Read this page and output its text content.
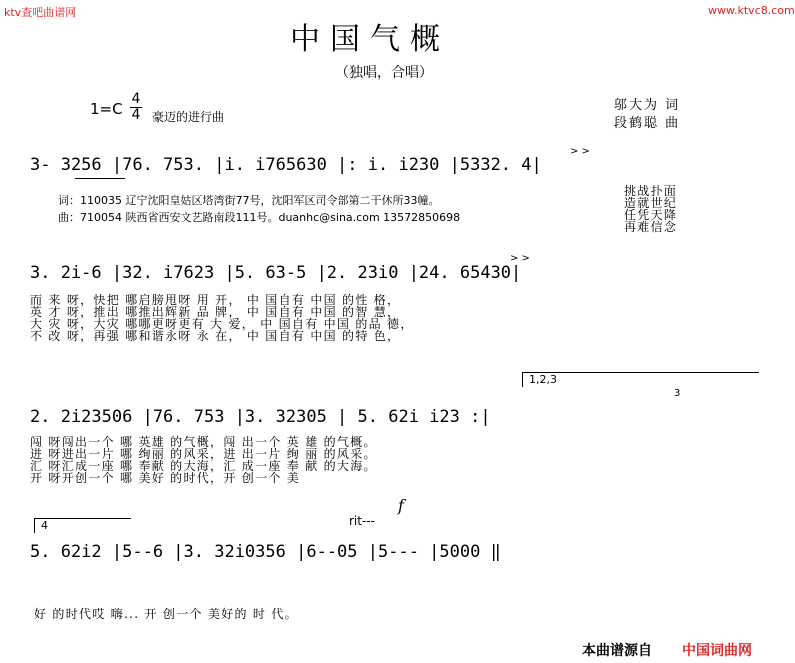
ktv查吧曲谱网	www.ktvc8.com
中国气概
（独唱，合唱）
1=C
4
4 豪迈的进行曲
邬大为 词
段鹤聪 曲
> >
3- 3256 |76. 753. |i. i765630 |: i. i230 |5332. 4|
词：110035 辽宁沈阳皇姑区塔湾街77号，沈阳军区司令部第二干休所33幢。
曲：710054 陕西省西安文艺路南段111号。duanhc@sina.com 13572850698
挑战扑面
造就世纪
任凭天降
再难信念
> >
3. 2i-6 |32. i7623 |5. 63-5 |2. 23i0 |24. 65430|
而 来 呀，快把 哪启膀甩呀 用 开， 中 国自有 中国 的性 格，
英 才 呀，推出 哪推出辉新 品 牌， 中 国自有 中国 的智 慧，
大 灾 呀，大灾 哪哪更呀更有 大 爱， 中 国自有 中国 的品 德，
不 改 呀，再强 哪和谐永呀 永 在， 中 国自有 中国 的特 色，
1,2,3
3
2. 2i23506 |76. 753 |3. 32305 | 5. 62i i23 :|
闯 呀闯出一个 哪 英雄 的气概，闯 出一个 英 雄 的气概。
进 呀进出一片 哪 绚丽 的风采，进 出一片 绚 丽 的风采。
汇 呀汇成一座 哪 奉献 的大海，汇 成一座 奉 献 的大海。
开 呀开创一个 哪 美好 的时代，开 创一个 美
4	rit---
f
5. 62i2 |5--6 |3. 32i0356 |6--05 |5--- |5000 ‖
好 的时代哎 嗨... 开 创一个 美好的 时 代。
本曲谱源自 中国词曲网
